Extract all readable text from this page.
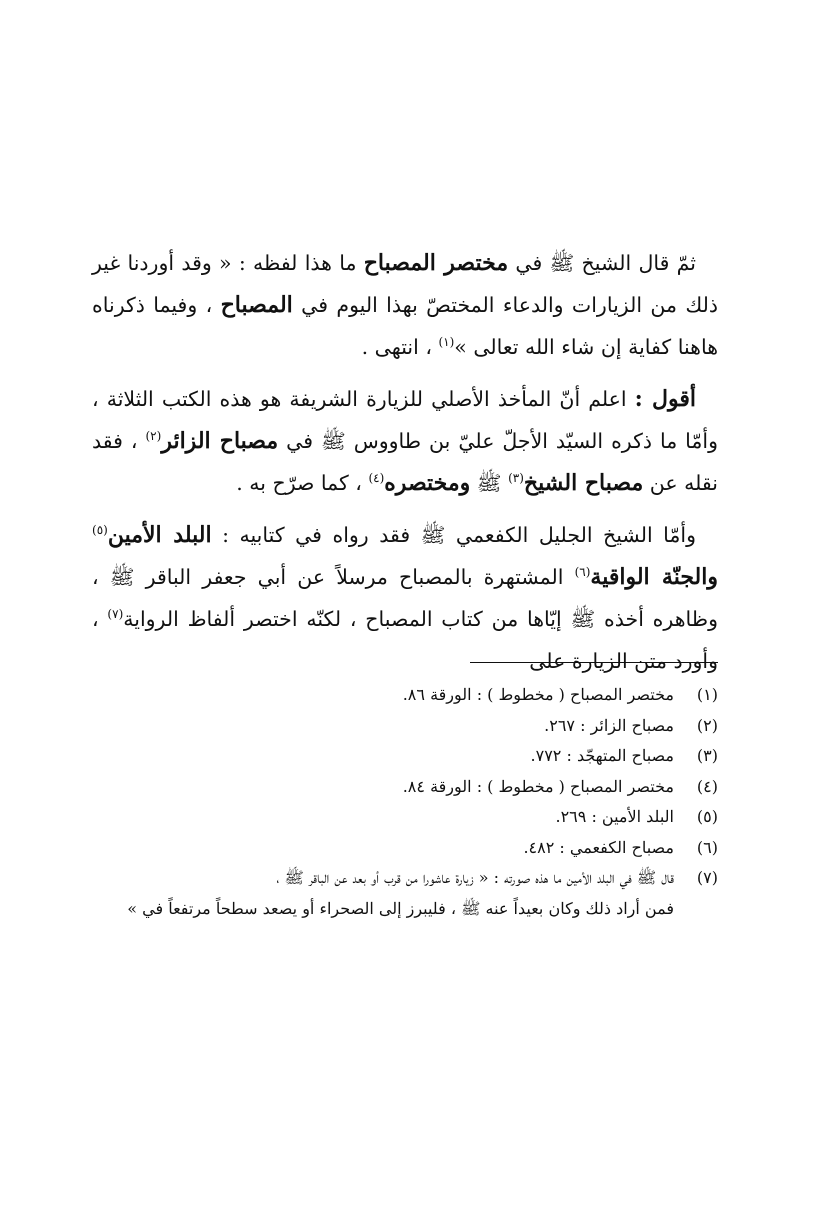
ثمّ قال الشيخ ﷺ في مختصر المصباح ما هذا لفظه : « وقد أوردنا غير ذلك من الزيارات والدعاء المختصّ بهذا اليوم في المصباح ، وفيما ذكرناه هاهنا كفاية إن شاء الله تعالى »$^{(١)}$ ، انتهى .

أقول : اعلم أنّ المأخذ الأصلي للزيارة الشريفة هو هذه الكتب الثلاثة ، وأمّا ما ذكره السيّد الأجلّ عليّ بن طاووس ﷺ في مصباح الزائر$^{(٢)}$ ، فقد نقله عن مصباح الشيخ$^{(٣)}$ ﷺ ومختصره$^{(٤)}$ ، كما صرّح به .

وأمّا الشيخ الجليل الكفعمي ﷺ فقد رواه في كتابيه : البلد الأمين$^{(٥)}$ والجنّة الواقية$^{(٦)}$ المشتهرة بالمصباح مرسلاً عن أبي جعفر الباقر ﷺ ، وظاهره أخذه ﷺ إيّاها من كتاب المصباح ، لكنّه اختصر ألفاظ الرواية$^{(٧)}$ ، وأورد متن الزيارة على

(١)
مختصر المصباح ( مخطوط ) : الورقة ٨٦.
(٢)
مصباح الزائر : ٢٦٧.
(٣)
مصباح المتهجّد : ٧٧٢.
(٤)
مختصر المصباح ( مخطوط ) : الورقة ٨٤.
(٥)
البلد الأمين : ٢٦٩.
(٦)
مصباح الكفعمي : ٤٨٢.
(٧)

قال ﷺ في البلد الأمين ما هذه صورته : « زيارة عاشورا من قرب أو بعد عن الباقر ﷺ ،

فمن أراد ذلك وكان بعيداً عنه ﷺ ، فليبرز إلى الصحراء أو يصعد سطحاً مرتفعاً في »
